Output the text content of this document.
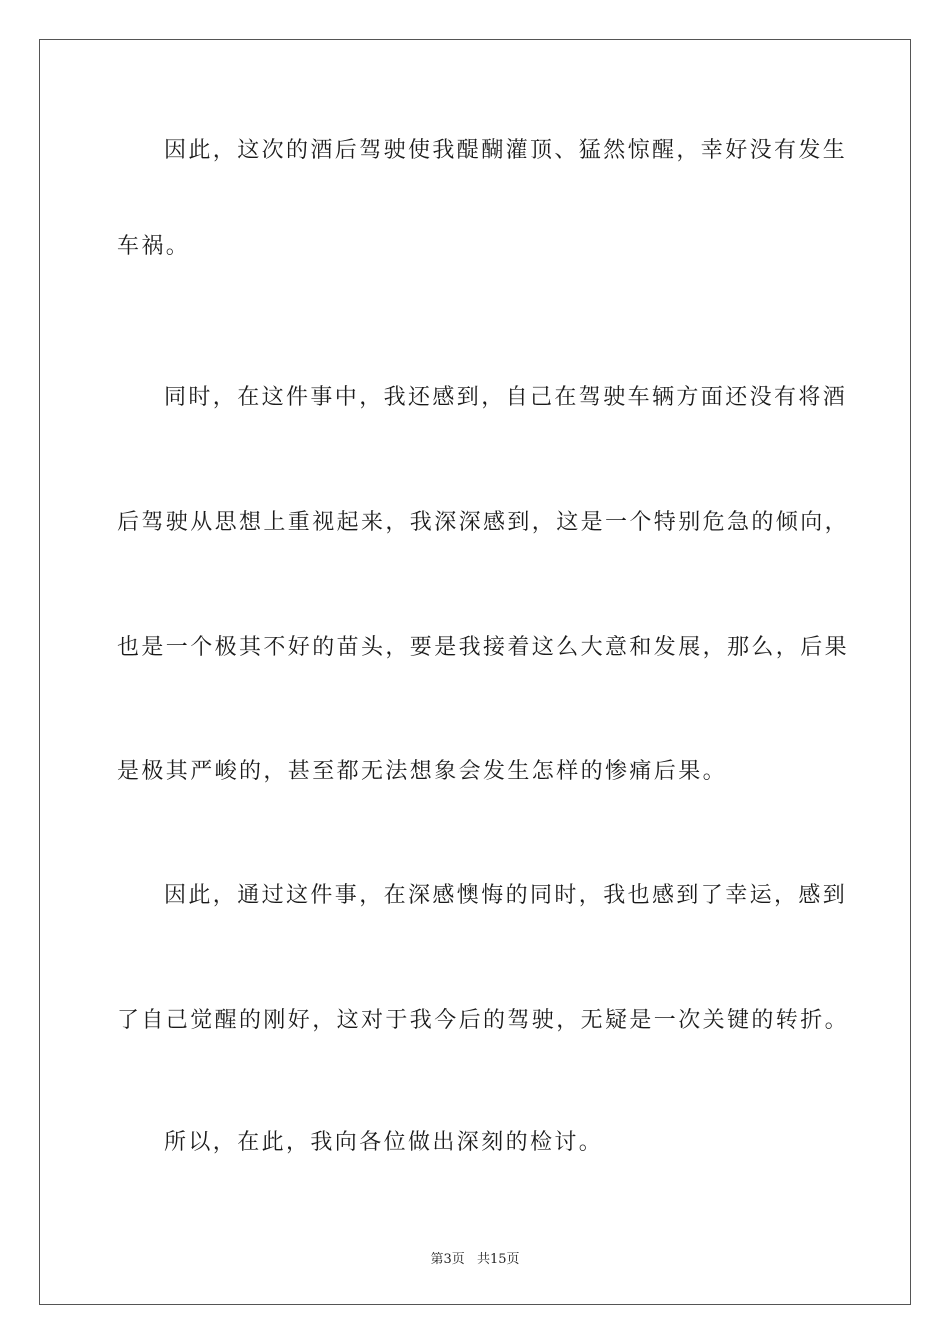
因此，这次的酒后驾驶使我醍醐灌顶、猛然惊醒，幸好没有发生
车祸。
同时，在这件事中，我还感到，自己在驾驶车辆方面还没有将酒
后驾驶从思想上重视起来，我深深感到，这是一个特别危急的倾向，
也是一个极其不好的苗头，要是我接着这么大意和发展，那么，后果
是极其严峻的，甚至都无法想象会发生怎样的惨痛后果。
因此，通过这件事，在深感懊悔的同时，我也感到了幸运，感到
了自己觉醒的刚好，这对于我今后的驾驶，无疑是一次关键的转折。
所以，在此，我向各位做出深刻的检讨。
第3页 共15页
